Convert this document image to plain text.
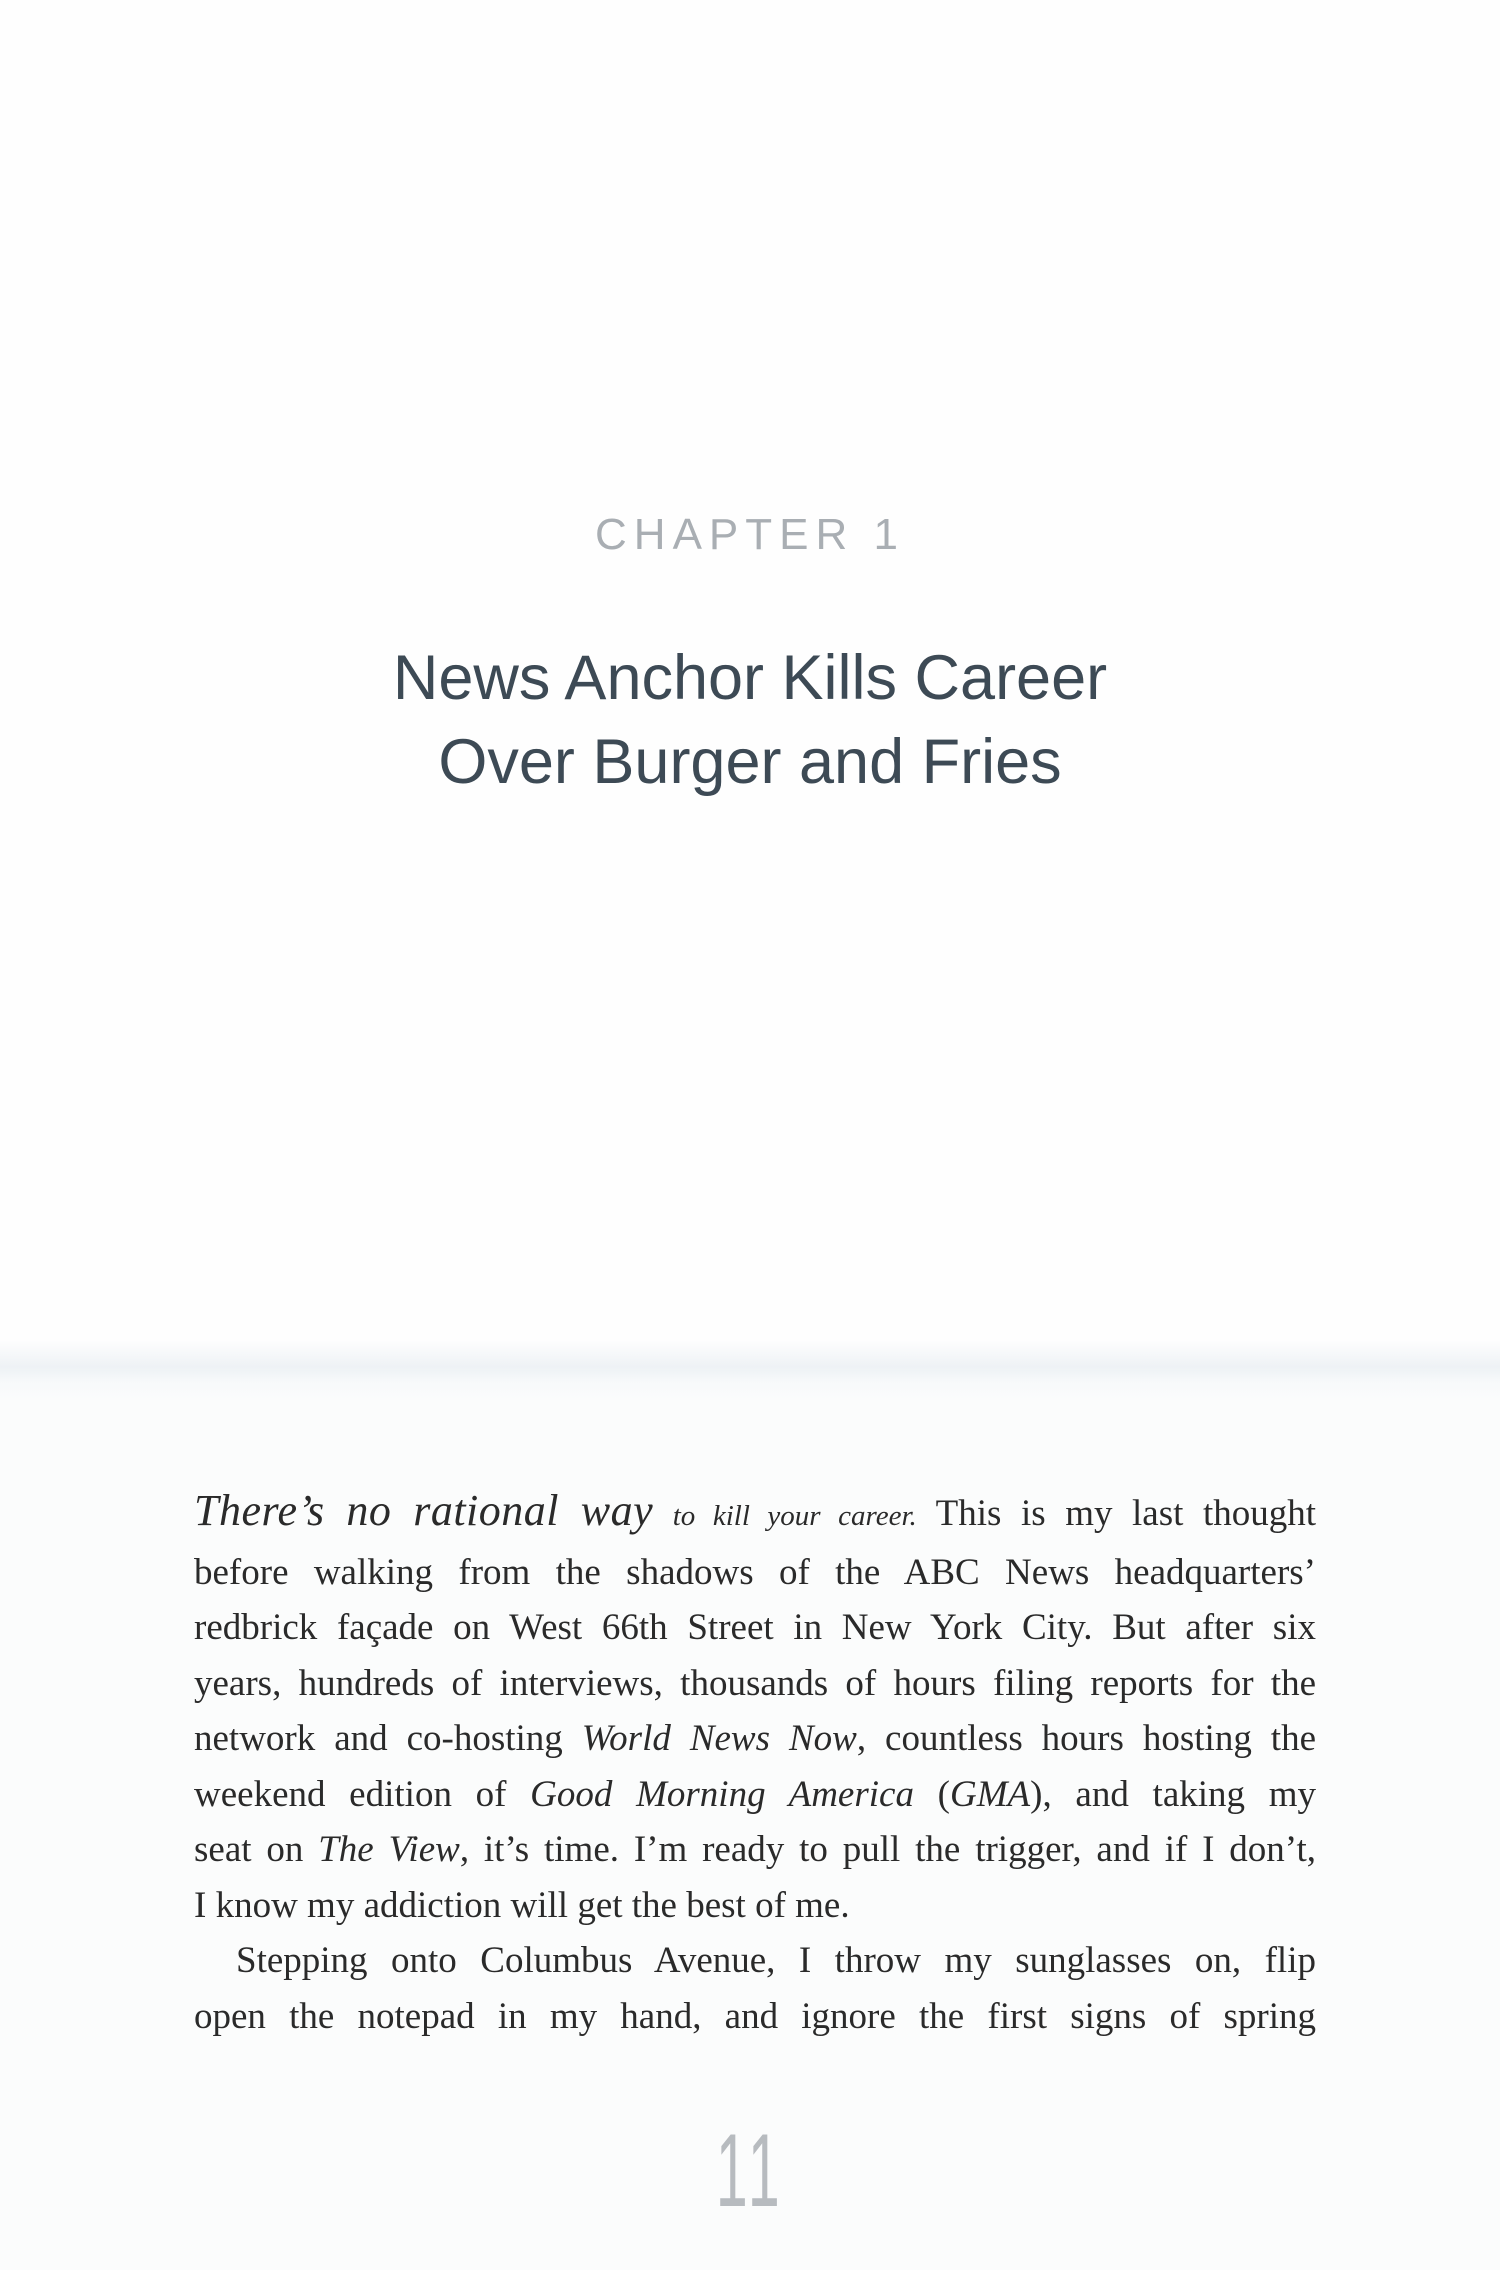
CHAPTER 1
News Anchor Kills Career
Over Burger and Fries

There’s no rational way to kill your career. This is my last thought
before walking from the shadows of the ABC News headquarters’
redbrick façade on West 66th Street in New York City. But after six
years, hundreds of interviews, thousands of hours filing reports for the
network and co-hosting World News Now, countless hours hosting the
weekend edition of Good Morning America (GMA), and taking my
seat on The View, it’s time. I’m ready to pull the trigger, and if I don’t,
I know my addiction will get the best of me.

Stepping onto Columbus Avenue, I throw my sunglasses on, flip
open the notepad in my hand, and ignore the first signs of spring

11
